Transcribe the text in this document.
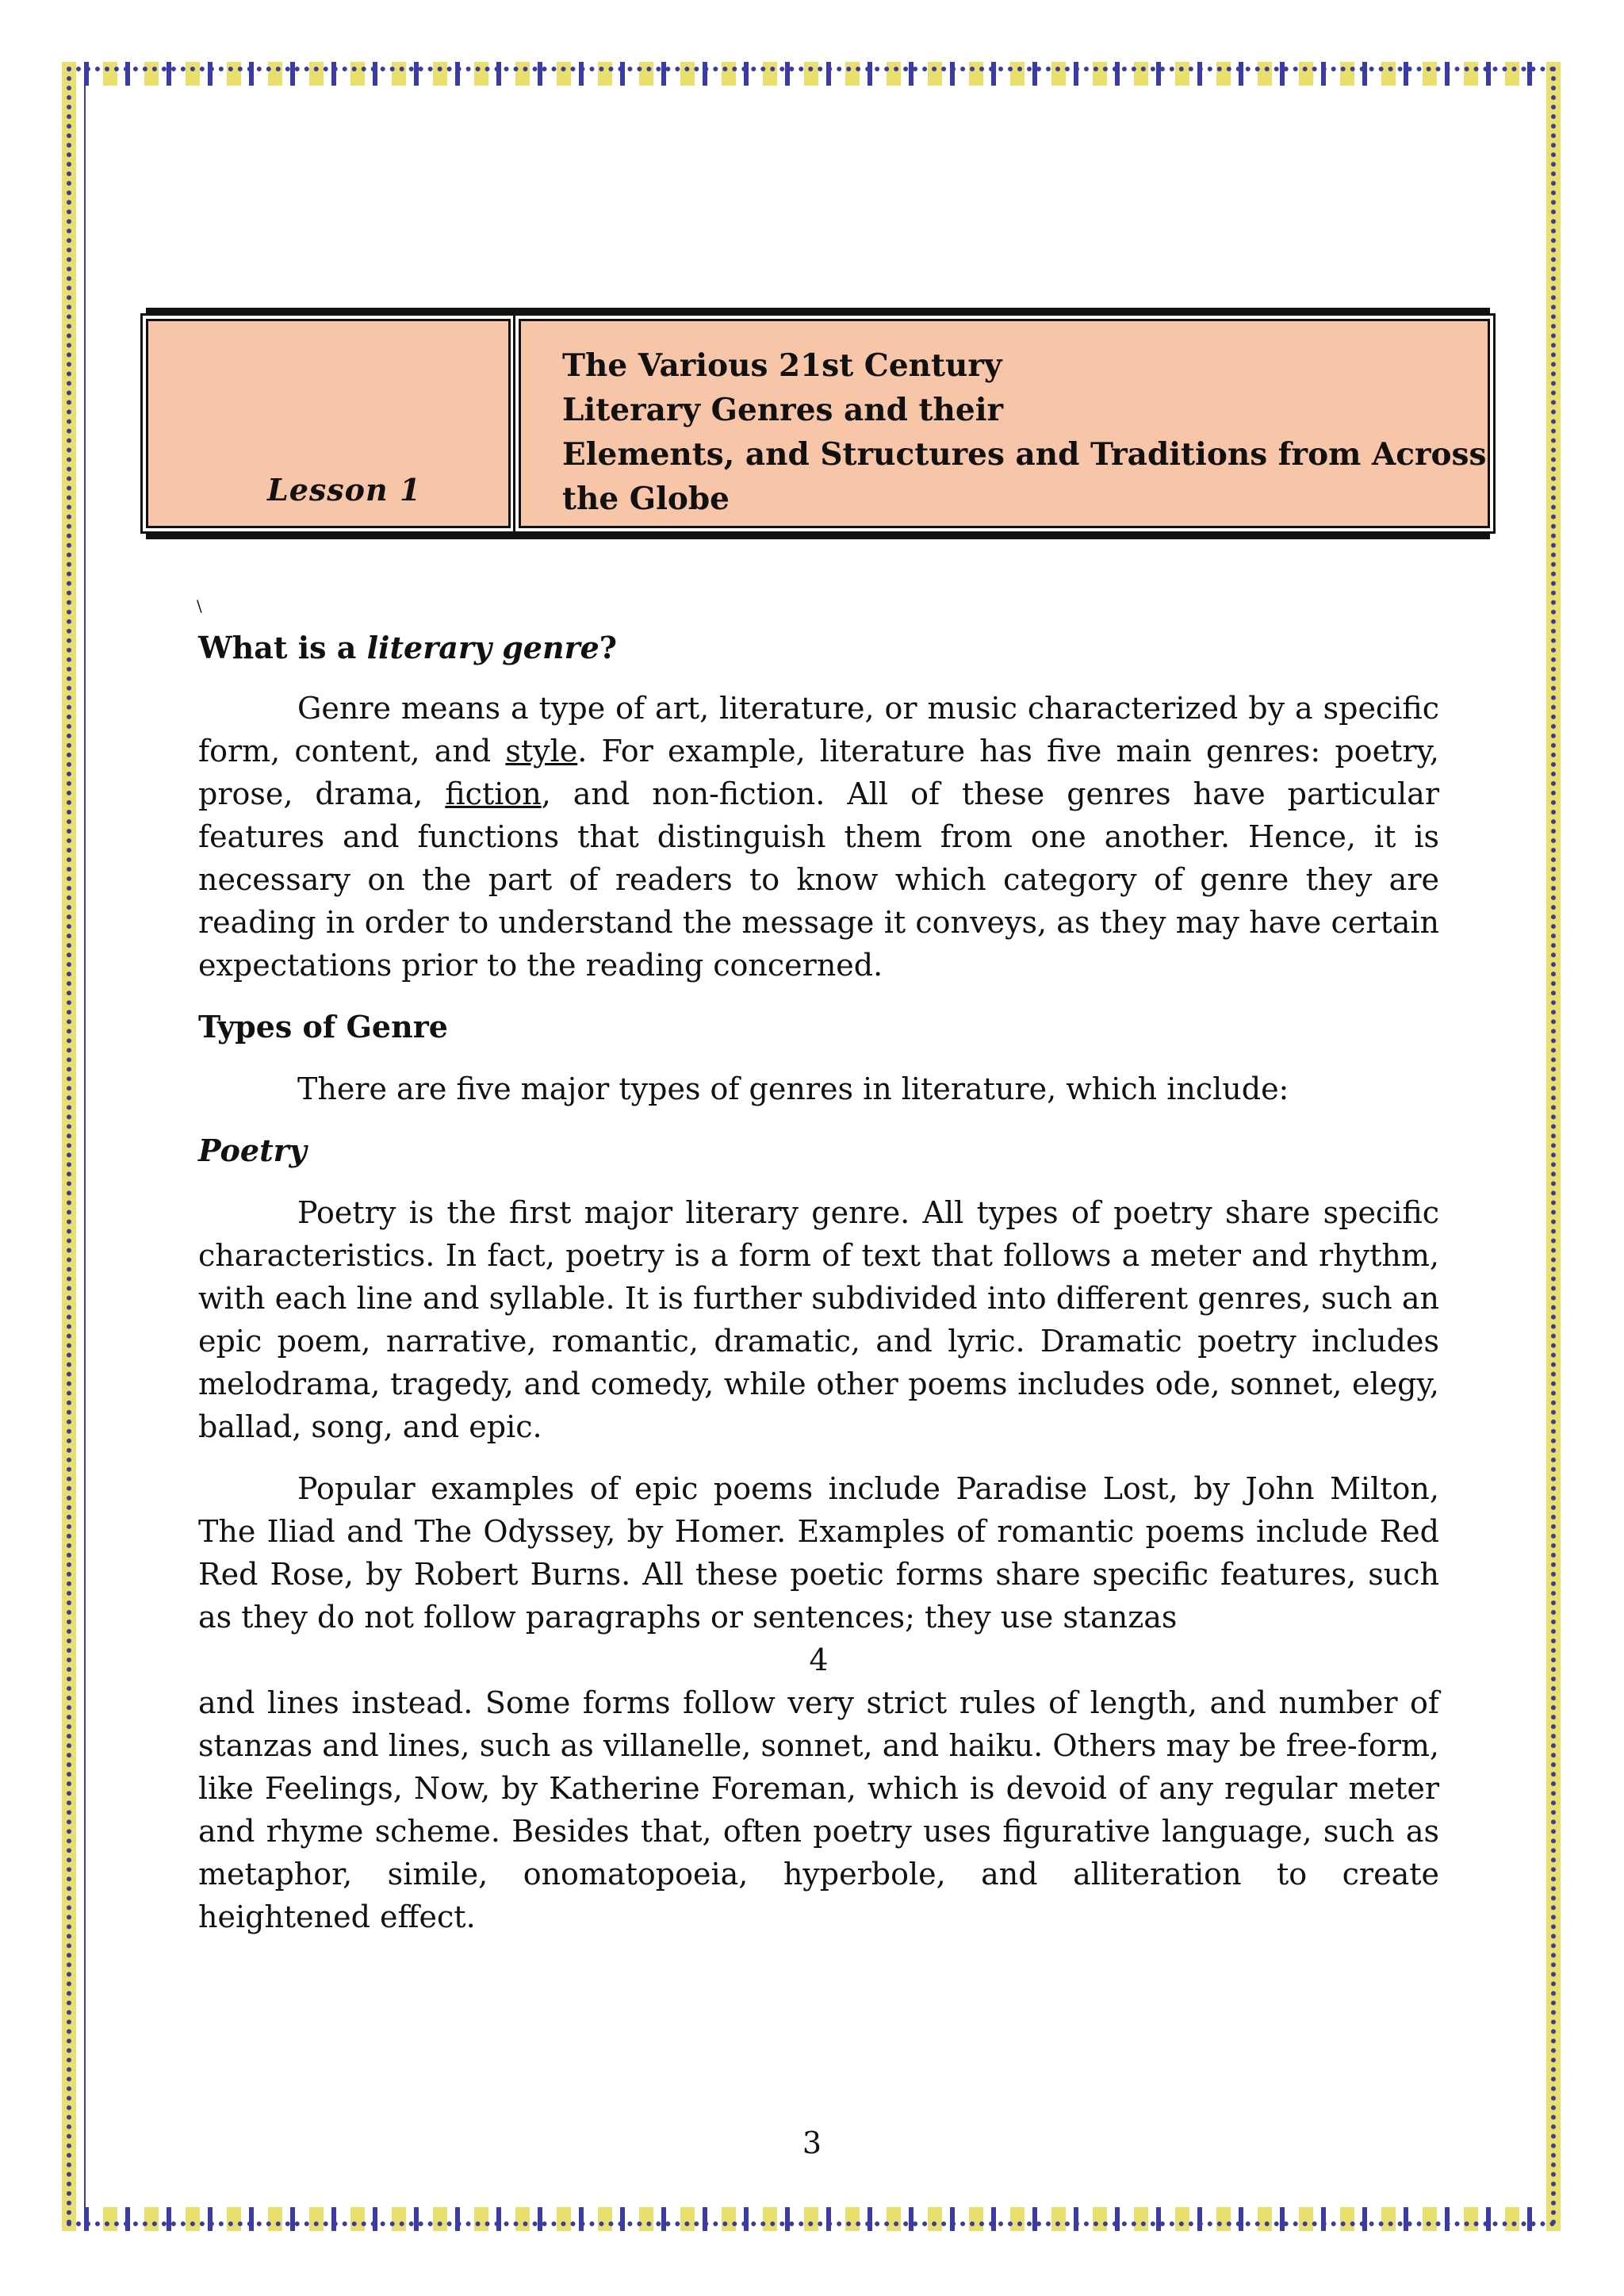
Lesson 1
The Various 21st Century
Literary Genres and their
Elements, and Structures and Traditions from Across
the Globe
\
What is a literary genre?

Genre means a type of art, literature, or music characterized by a specific form, content, and style. For example, literature has five main genres: poetry, prose, drama, fiction, and non-fiction. All of these genres have particular features and functions that distinguish them from one another. Hence, it is necessary on the part of readers to know which category of genre they are reading in order to understand the message it conveys, as they may have certain expectations prior to the reading concerned.

Types of Genre

There are five major types of genres in literature, which include:

Poetry

Poetry is the first major literary genre. All types of poetry share specific characteristics. In fact, poetry is a form of text that follows a meter and rhythm, with each line and syllable. It is further subdivided into different genres, such an epic poem, narrative, romantic, dramatic, and lyric. Dramatic poetry includes melodrama, tragedy, and comedy, while other poems includes ode, sonnet, elegy, ballad, song, and epic.

Popular examples of epic poems include Paradise Lost, by John Milton, The Iliad and The Odyssey, by Homer. Examples of romantic poems include Red Red Rose, by Robert Burns. All these poetic forms share specific features, such as they do not follow paragraphs or sentences; they use stanzas

4

and lines instead. Some forms follow very strict rules of length, and number of stanzas and lines, such as villanelle, sonnet, and haiku. Others may be free-form, like Feelings, Now, by Katherine Foreman, which is devoid of any regular meter and rhyme scheme. Besides that, often poetry uses figurative language, such as metaphor, simile, onomatopoeia, hyperbole, and alliteration to create heightened effect.

3
